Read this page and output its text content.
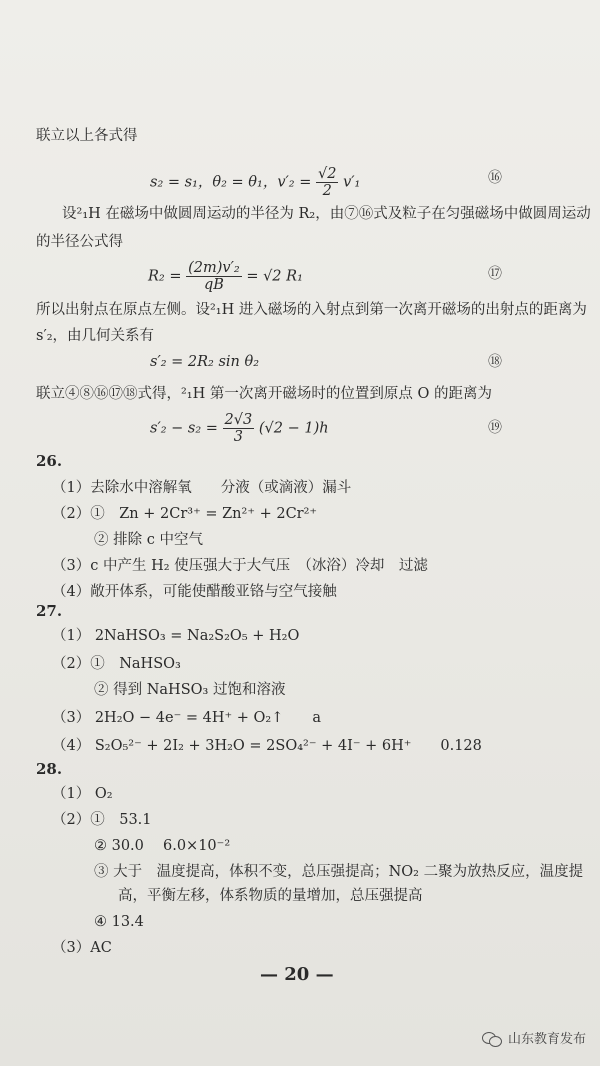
联立以上各式得
s₂ = s₁，θ₂ = θ₁，$v'_2 = \frac{√2}{2} v'_1$	⑯
设²₁H 在磁场中做圆周运动的半径为 R₂，由⑦⑯式及粒子在匀强磁场中做圆周运动
的半径公式得
$R_2 = \frac{\text{(2m)v′₂}}{qB} = √2$ R₁	⑰
所以出射点在原点左侧。设²₁H 进入磁场的入射点到第一次离开磁场的出射点的距离为
s′₂，由几何关系有
s′₂ = 2R₂ sin θ₂	⑱
联立④⑧⑯⑰⑱式得，²₁H 第一次离开磁场时的位置到原点 O 的距离为
$s'_2 - s_2 = \frac{2√3}{3} (√2 - 1)h$	⑲
26.
（1）去除水中溶解氧　　分液（或滴液）漏斗
（2）①　Zn + 2Cr³⁺ = Zn²⁺ + 2Cr²⁺
② 排除 c 中空气
（3）c 中产生 H₂ 使压强大于大气压　（冰浴）冷却　过滤
（4）敞开体系，可能使醋酸亚铬与空气接触
27.
（1） 2NaHSO₃ = Na₂S₂O₅ + H₂O
（2）①　NaHSO₃
② 得到 NaHSO₃ 过饱和溶液
（3） 2H₂O − 4e⁻ = 4H⁺ + O₂↑　　a
（4） S₂O₅²⁻ + 2I₂ + 3H₂O = 2SO₄²⁻ + 4I⁻ + 6H⁺　　0.128
28.
（1） O₂
（2）①　53.1
② 30.0　 6.0×10⁻²
③ 大于　温度提高，体积不变，总压强提高；NO₂ 二聚为放热反应，温度提
高，平衡左移，体系物质的量增加，总压强提高
④ 13.4
（3）AC
— 20 —
山东教育发布
